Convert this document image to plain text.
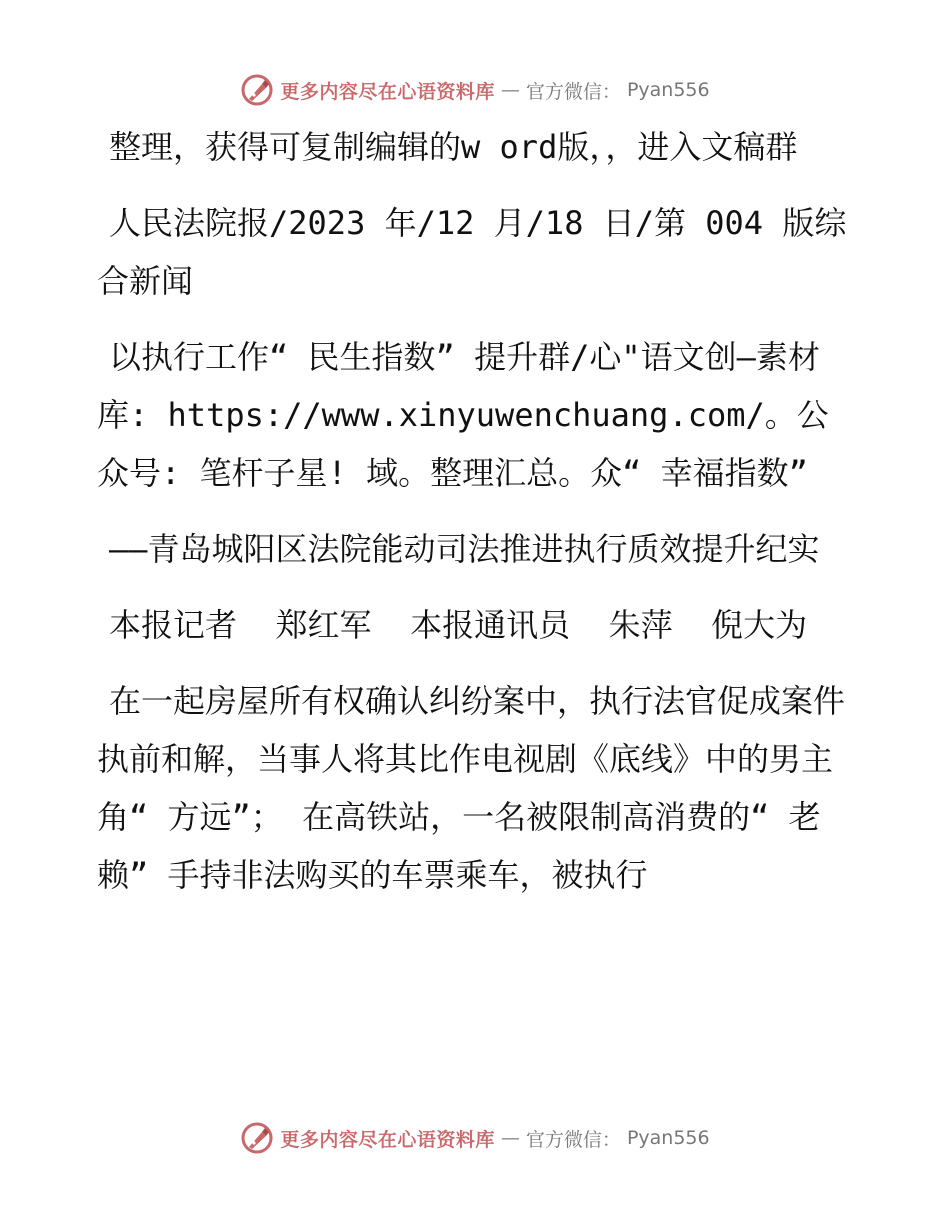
更多内容尽在心语资料库 — 官方微信： Pyan556

整理，获得可复制编辑的w ord版，，进入文稿群

人民法院报/2023 年/12 月/18 日/第 004 版综合新闻

以执行工作“ 民生指数” 提升群/心"语文创—素材库: https://www.xinyuwenchuang.com/。公众号: 笔杆子星! 域。整理汇总。众“ 幸福指数”

——青岛城阳区法院能动司法推进执行质效提升纪实

本报记者  郑红军  本报通讯员  朱萍  倪大为

在一起房屋所有权确认纠纷案中，执行法官促成案件执前和解，当事人将其比作电视剧《底线》中的男主角“ 方远”； 在高铁站，一名被限制高消费的“ 老赖” 手持非法购买的车票乘车，被执行

更多内容尽在心语资料库 — 官方微信： Pyan556
